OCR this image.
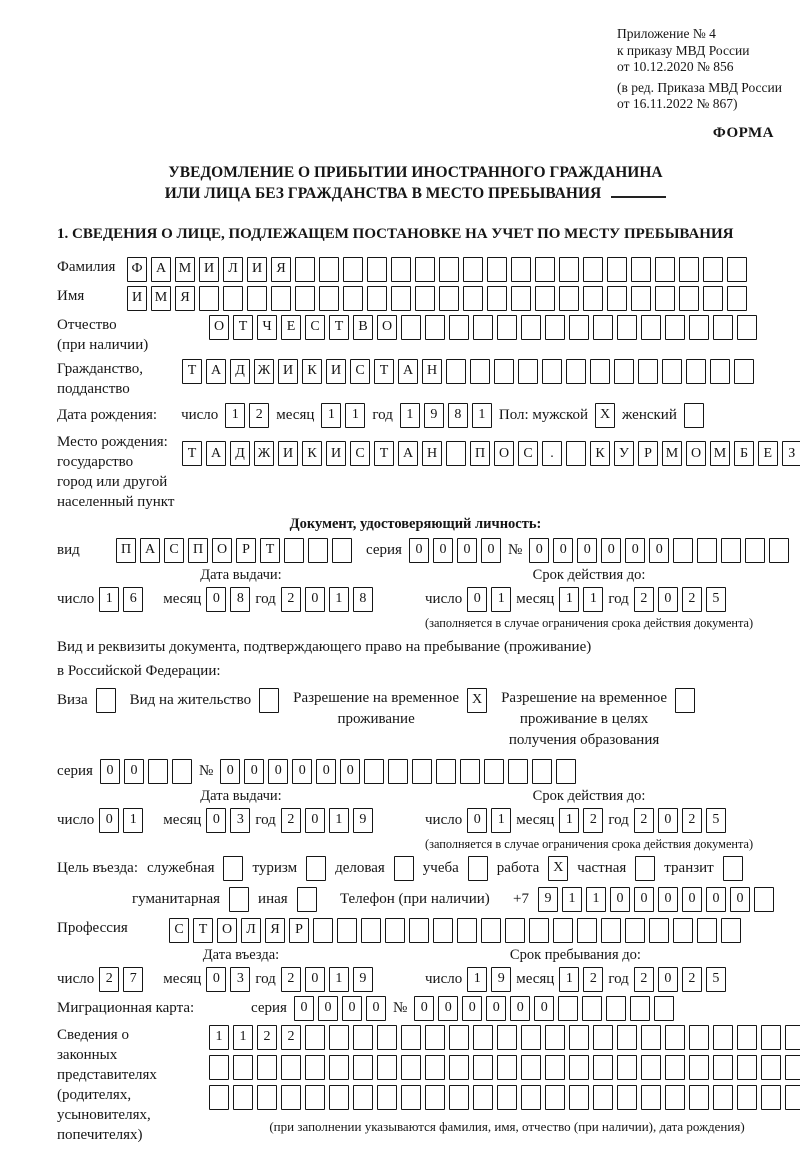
Приложение № 4
к приказу МВД России
от 10.12.2020 № 856
(в ред. Приказа МВД России
от 16.11.2022 № 867)
ФОРМА
УВЕДОМЛЕНИЕ О ПРИБЫТИИ ИНОСТРАННОГО ГРАЖДАНИНА
ИЛИ ЛИЦА БЕЗ ГРАЖДАНСТВА В МЕСТО ПРЕБЫВАНИЯ
1. СВЕДЕНИЯ О ЛИЦЕ, ПОДЛЕЖАЩЕМ ПОСТАНОВКЕ НА УЧЕТ ПО МЕСТУ ПРЕБЫВАНИЯ
Фамилия	Ф А М И	Л	И	Я
Имя	И М Я
Отчество
(при наличии)
О	Т	Ч	Е	С	Т	В	О
Гражданство,
подданство
Т	А	Д Ж И	К	И	С	Т	А Н
Дата рождения: число 1	2 месяц 1	1 год 1	9	8	1 Пол: мужской X женский
Место рождения:
государство
город или другой
населенный пункт
Т	А	Д Ж И	К	И	С	Т	А Н	П О	С	.	К	У	Р М О М Б
	Е	З

Документ, удостоверяющий личность:
вид	П А	С	П О	Р	Т	серия 0	0	0	0 № 0	0	0	0	0	0
Дата выдачи:
число 1	6	месяц 0	8 год 2	0	1	8
Срок действия до:
число 0	1 месяц 1	1 год 2	0	2	5
(заполняется в случае ограничения срока действия документа)
Вид и реквизиты документа, подтверждающего право на пребывание (проживание)
в Российской Федерации:
Виза	Вид на жительство	Разрешение на временное
проживание
X	Разрешение на временное
проживание в целях
получения образования
серия 0	0	№ 0	0	0	0	0	0
Дата выдачи:
число 0	1	месяц 0	3 год 2	0	1	9
Срок действия до:
число 0	1 месяц 1	2 год 2	0	2	5
(заполняется в случае ограничения срока действия документа)
Цель въезда: служебная	туризм	деловая	учеба	работа X частная	транзит
гуманитарная	иная	Телефон (при наличии) +7	9	1	1	0	0	0	0	0	0
Профессия	С	Т	О	Л	Я	Р
Дата въезда:
число 2	7	месяц 0	3 год 2	0	1	9
Срок пребывания до:
число 1	9 месяц 1	2 год 2	0	2	5
Миграционная карта:	серия 0	0	0	0 № 0	0	0	0	0	0
Сведения о
законных
представителях
(родителях,
усыновителях,
попечителях)
1	1	2	2
(при заполнении указываются фамилия, имя, отчество (при наличии), дата рождения)
